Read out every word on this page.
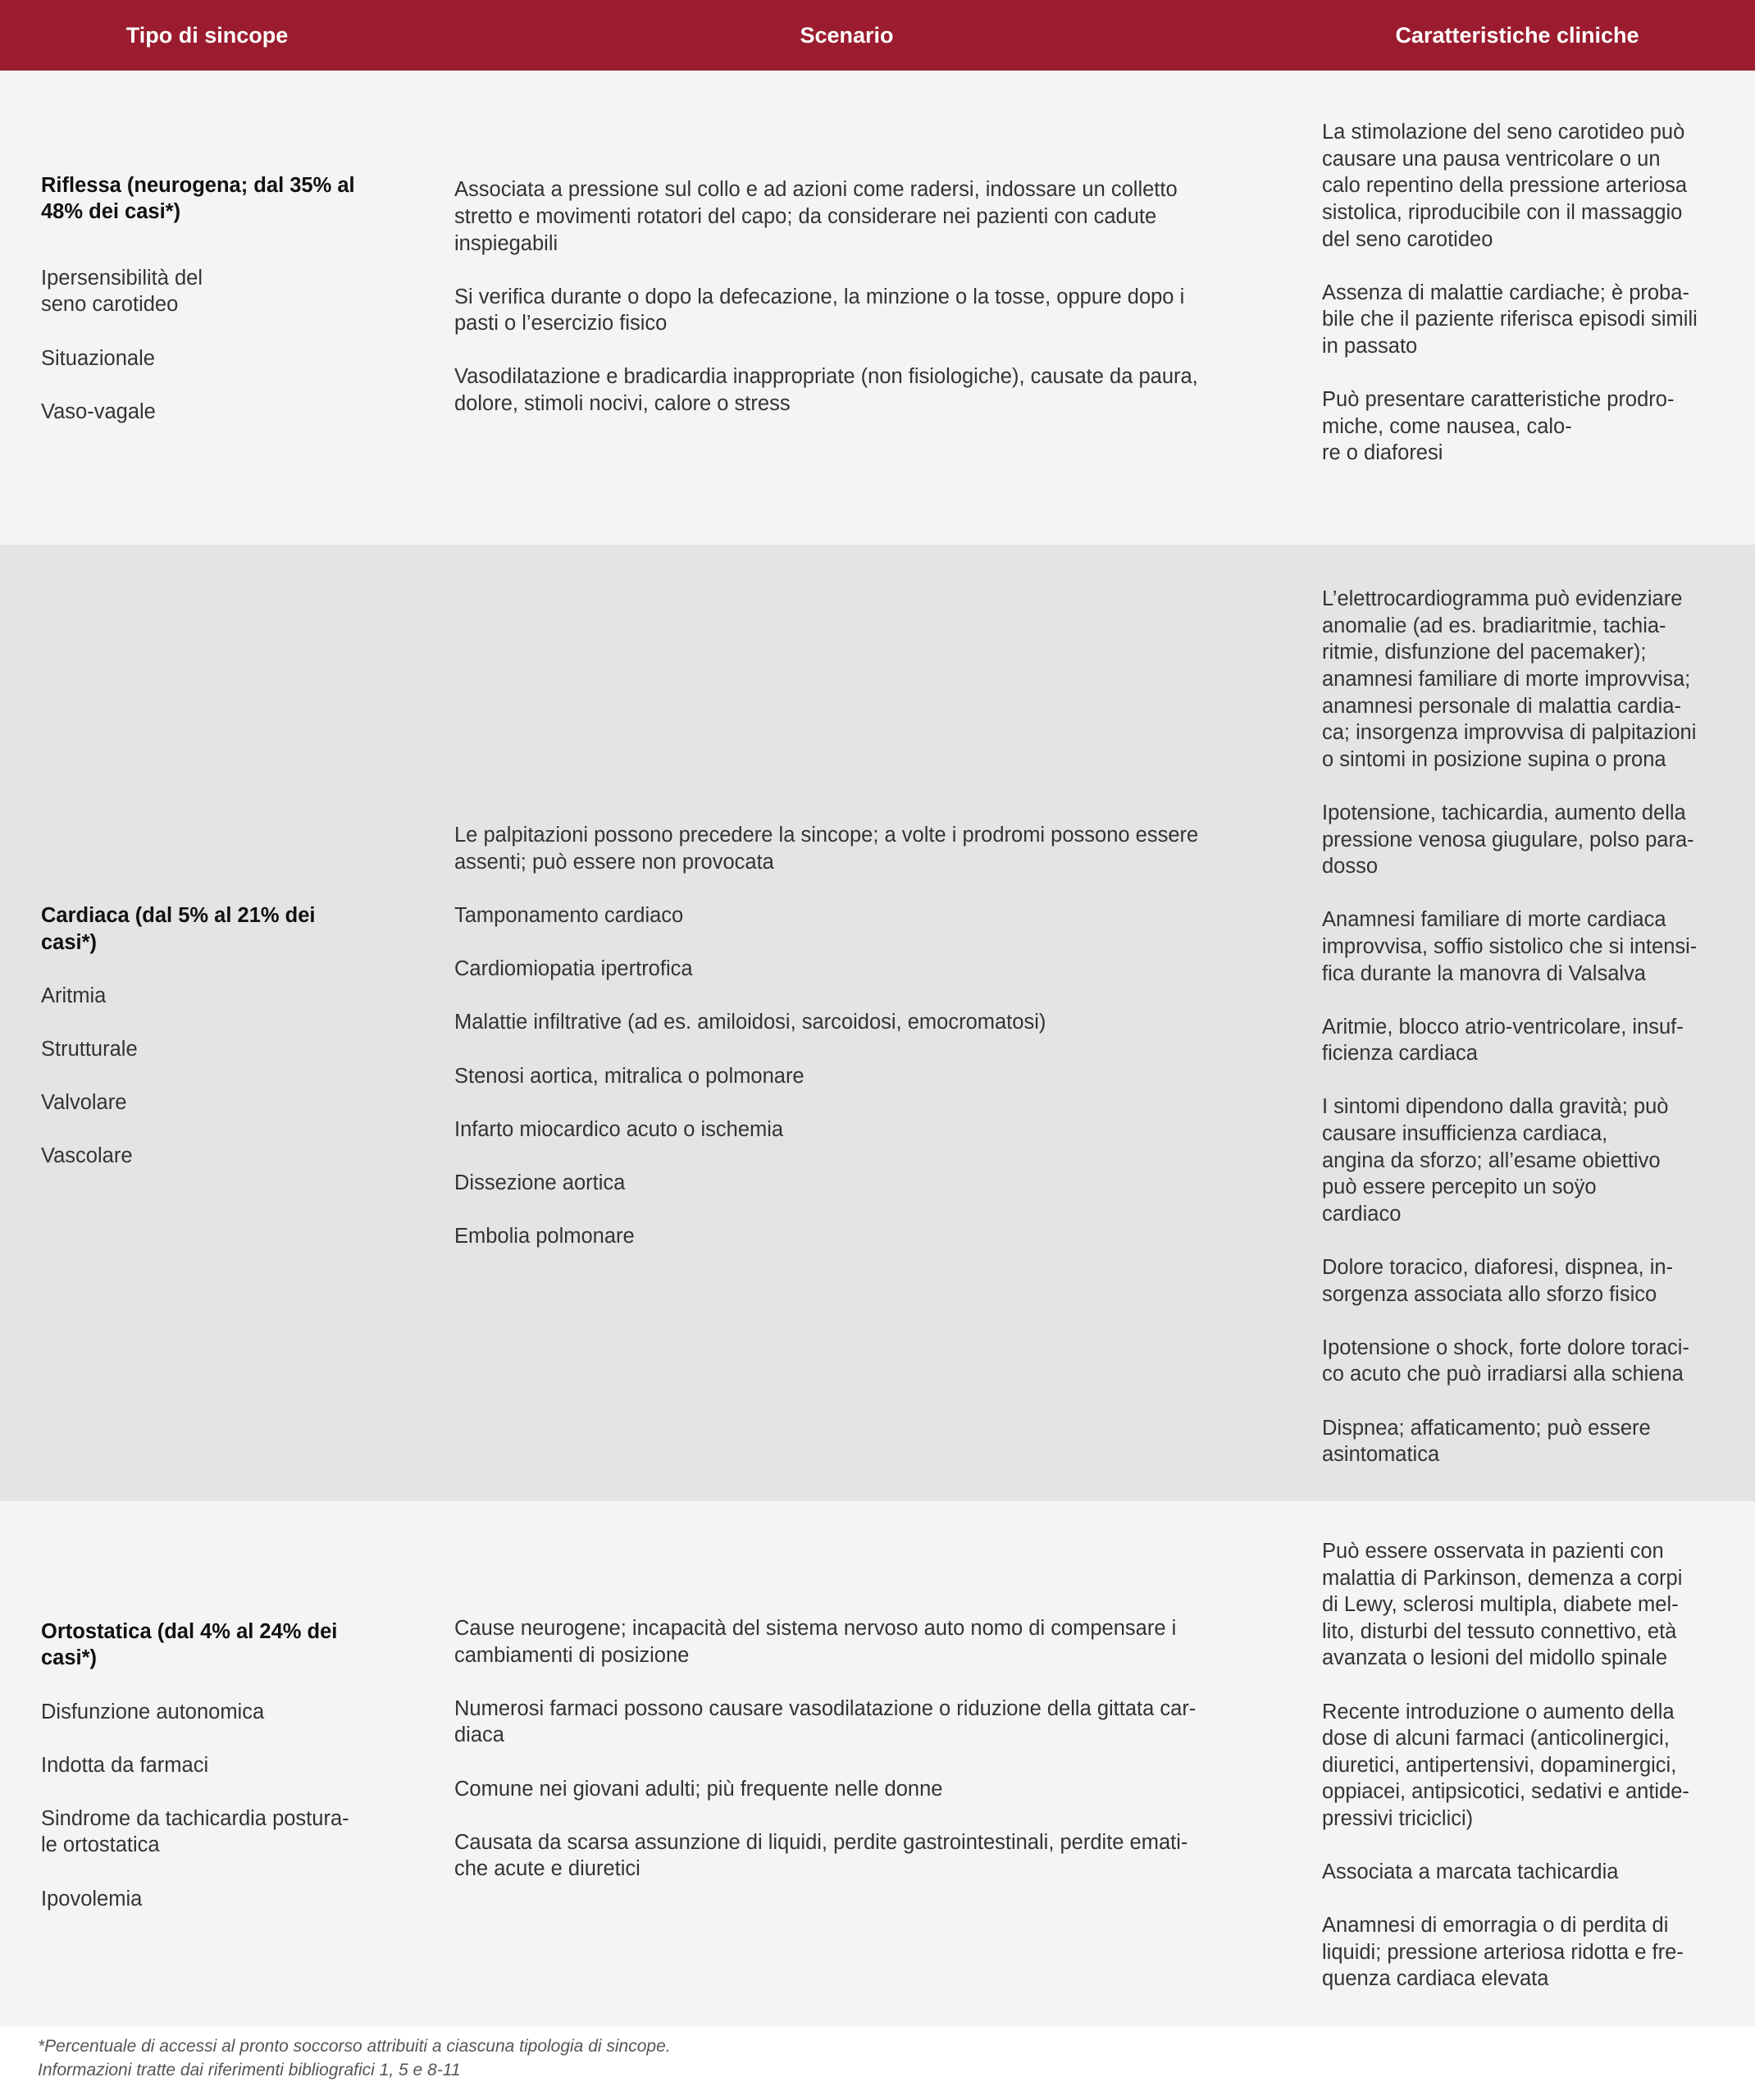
Tipo di sincope	Scenario	Caratteristiche cliniche

Riflessa (neurogena; dal 35% al
48% dei casi*)

Ipersensibilità del
seno carotideo

Situazionale

Vaso-vagale

Associata a pressione sul collo e ad azioni come radersi, indossare un colletto
stretto e movimenti rotatori del capo; da considerare nei pazienti con cadute
inspiegabili

Si verifica durante o dopo la defecazione, la minzione o la tosse, oppure dopo i
pasti o l’esercizio fisico

Vasodilatazione e bradicardia inappropriate (non fisiologiche), causate da paura,
dolore, stimoli nocivi, calore o stress

La stimolazione del seno carotideo può
causare una pausa ventricolare o un
calo repentino della pressione arteriosa
sistolica, riproducibile con il massaggio
del seno carotideo

Assenza di malattie cardiache; è proba-
bile che il paziente riferisca episodi simili
in passato

Può presentare caratteristiche prodro-
miche, come nausea, calo-
re o diaforesi

Cardiaca (dal 5% al 21% dei
casi*)

Aritmia

Strutturale

Valvolare

Vascolare

Le palpitazioni possono precedere la sincope; a volte i prodromi possono essere
assenti; può essere non provocata

Tamponamento cardiaco

Cardiomiopatia ipertrofica

Malattie infiltrative (ad es. amiloidosi, sarcoidosi, emocromatosi)

Stenosi aortica, mitralica o polmonare

Infarto miocardico acuto o ischemia

Dissezione aortica

Embolia polmonare

L’elettrocardiogramma può evidenziare
anomalie (ad es. bradiaritmie, tachia-
ritmie, disfunzione del pacemaker);
anamnesi familiare di morte improvvisa;
anamnesi personale di malattia cardia-
ca; insorgenza improvvisa di palpitazioni
o sintomi in posizione supina o prona

Ipotensione, tachicardia, aumento della
pressione venosa giugulare, polso para-
dosso

Anamnesi familiare di morte cardiaca
improvvisa, soffio sistolico che si intensi-
fica durante la manovra di Valsalva

Aritmie, blocco atrio-ventricolare, insuf-
ficienza cardiaca

I sintomi dipendono dalla gravità; può
causare insufficienza cardiaca,
angina da sforzo; all’esame obiettivo
può essere percepito un soÿo
cardiaco

Dolore toracico, diaforesi, dispnea, in-
sorgenza associata allo sforzo fisico

Ipotensione o shock, forte dolore toraci-
co acuto che può irradiarsi alla schiena

Dispnea; affaticamento; può essere
asintomatica

Ortostatica (dal 4% al 24% dei
casi*)

Disfunzione autonomica

Indotta da farmaci

Sindrome da tachicardia postura-
le ortostatica

Ipovolemia

Cause neurogene; incapacità del sistema nervoso auto nomo di compensare i
cambiamenti di posizione

Numerosi farmaci possono causare vasodilatazione o riduzione della gittata car-
diaca

Comune nei giovani adulti; più frequente nelle donne

Causata da scarsa assunzione di liquidi, perdite gastrointestinali, perdite emati-
che acute e diuretici

Può essere osservata in pazienti con
malattia di Parkinson, demenza a corpi
di Lewy, sclerosi multipla, diabete mel-
lito, disturbi del tessuto connettivo, età
avanzata o lesioni del midollo spinale

Recente introduzione o aumento della
dose di alcuni farmaci (anticolinergici,
diuretici, antipertensivi, dopaminergici,
oppiacei, antipsicotici, sedativi e antide-
pressivi triciclici)

Associata a marcata tachicardia

Anamnesi di emorragia o di perdita di
liquidi; pressione arteriosa ridotta e fre-
quenza cardiaca elevata

*Percentuale di accessi al pronto soccorso attribuiti a ciascuna tipologia di sincope.
Informazioni tratte dai riferimenti bibliografici 1, 5 e 8-11
